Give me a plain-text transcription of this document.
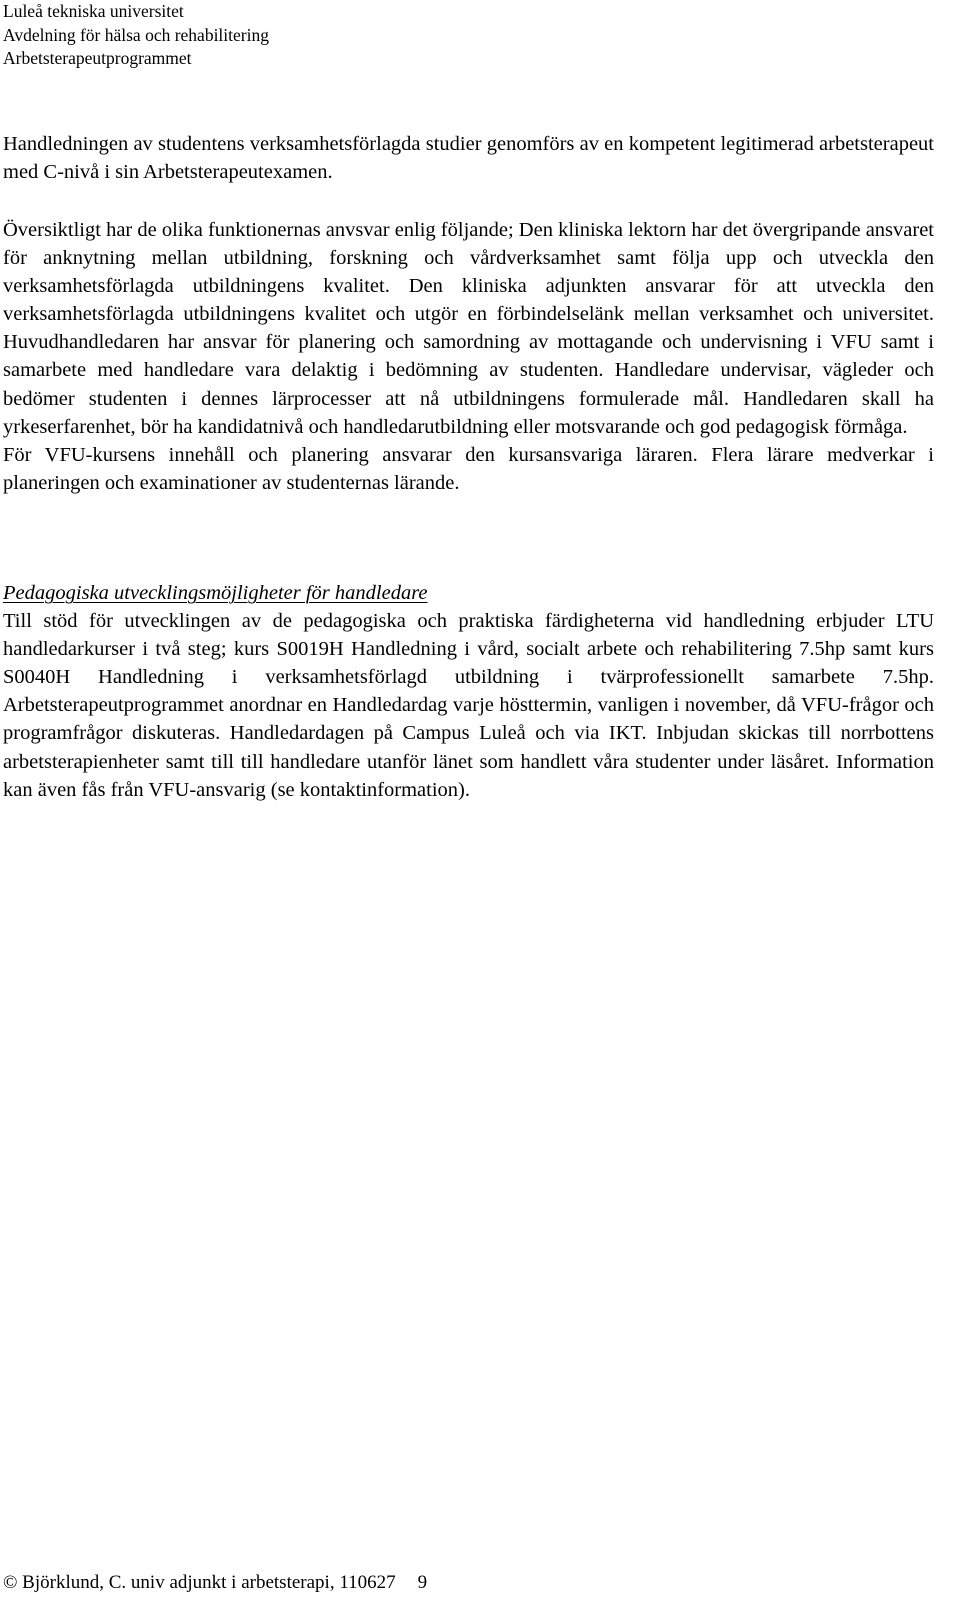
Luleå tekniska universitet
Avdelning för hälsa och rehabilitering
Arbetsterapeutprogrammet

Handledningen av studentens verksamhetsförlagda studier genomförs av en kompetent legitimerad arbetsterapeut med C-nivå i sin Arbetsterapeutexamen.

Översiktligt har de olika funktionernas anvsvar enlig följande; Den kliniska lektorn har det övergripande ansvaret för anknytning mellan utbildning, forskning och vårdverksamhet samt följa upp och utveckla den verksamhetsförlagda utbildningens kvalitet. Den kliniska adjunkten ansvarar för att utveckla den verksamhetsförlagda utbildningens kvalitet och utgör en förbindelselänk mellan verksamhet och universitet. Huvudhandledaren har ansvar för planering och samordning av mottagande och undervisning i VFU samt i samarbete med handledare vara delaktig i bedömning av studenten. Handledare undervisar, vägleder och bedömer studenten i dennes lärprocesser att nå utbildningens formulerade mål. Handledaren skall ha yrkeserfarenhet, bör ha kandidatnivå och handledarutbildning eller motsvarande och god pedagogisk förmåga.

För VFU-kursens innehåll och planering ansvarar den kursansvariga läraren. Flera lärare medverkar i planeringen och examinationer av studenternas lärande.

Pedagogiska utvecklingsmöjligheter för handledare

Till stöd för utvecklingen av de pedagogiska och praktiska färdigheterna vid handledning erbjuder LTU handledarkurser i två steg; kurs S0019H Handledning i vård, socialt arbete och rehabilitering 7.5hp samt kurs S0040H Handledning i verksamhetsförlagd utbildning i tvärprofessionellt samarbete 7.5hp. Arbetsterapeutprogrammet anordnar en Handledardag varje hösttermin, vanligen i november, då VFU-frågor och programfrågor diskuteras. Handledardagen på Campus Luleå och via IKT. Inbjudan skickas till norrbottens arbetsterapienheter samt till till handledare utanför länet som handlett våra studenter under läsåret. Information kan även fås från VFU-ansvarig (se kontaktinformation).

© Björklund, C. univ adjunkt i arbetsterapi, 110627 9
